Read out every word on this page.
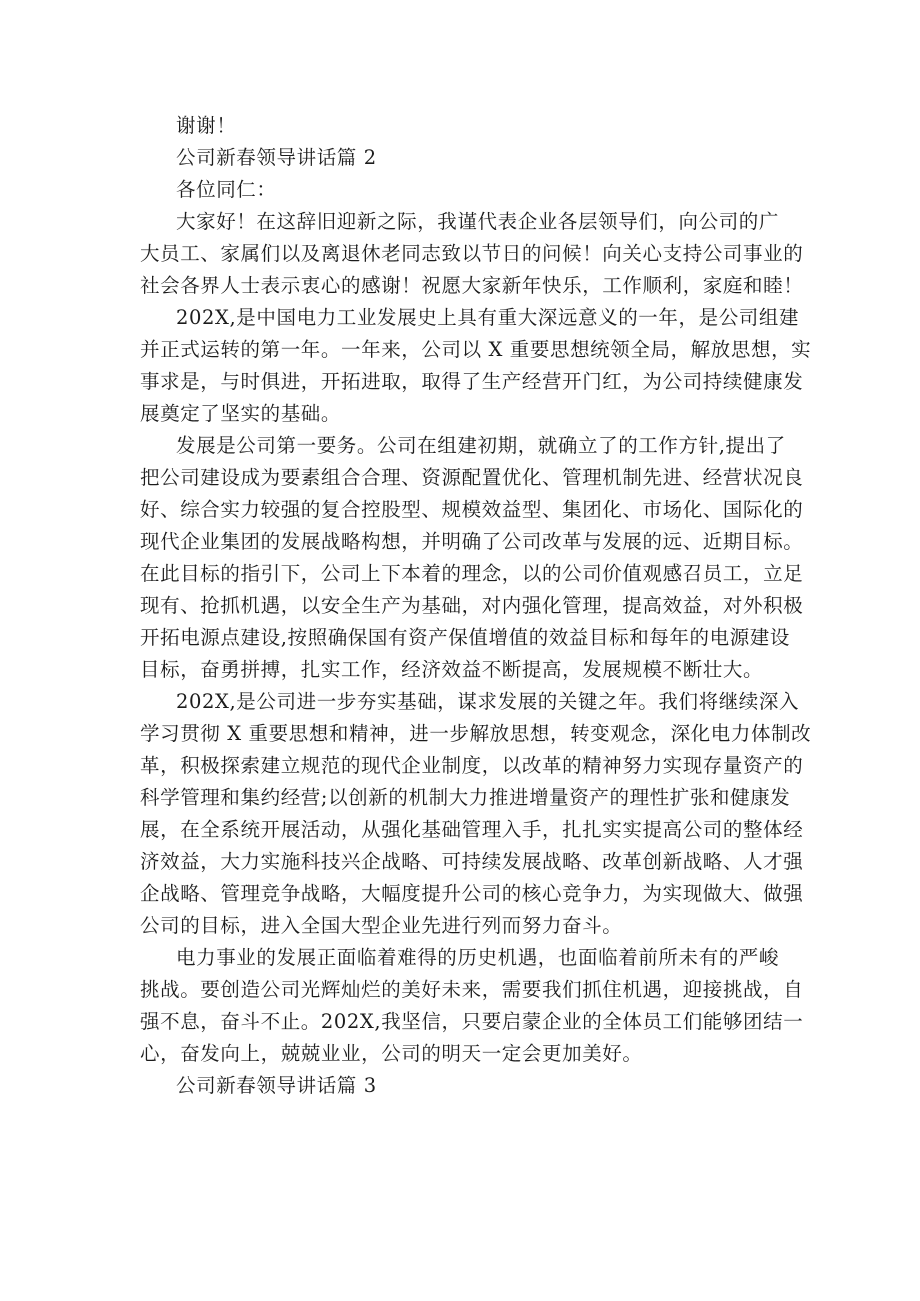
谢谢！
公司新春领导讲话篇 2
各位同仁：
大家好！在这辞旧迎新之际，我谨代表企业各层领导们，向公司的广
大员工、家属们以及离退休老同志致以节日的问候！向关心支持公司事业的
社会各界人士表示衷心的感谢！祝愿大家新年快乐，工作顺利，家庭和睦！
202X,是中国电力工业发展史上具有重大深远意义的一年，是公司组建
并正式运转的第一年。一年来，公司以 X 重要思想统领全局，解放思想，实
事求是，与时俱进，开拓进取，取得了生产经营开门红，为公司持续健康发
展奠定了坚实的基础。
发展是公司第一要务。公司在组建初期，就确立了的工作方针,提出了
把公司建设成为要素组合合理、资源配置优化、管理机制先进、经营状况良
好、综合实力较强的复合控股型、规模效益型、集团化、市场化、国际化的
现代企业集团的发展战略构想，并明确了公司改革与发展的远、近期目标。
在此目标的指引下，公司上下本着的理念，以的公司价值观感召员工，立足
现有、抢抓机遇，以安全生产为基础，对内强化管理，提高效益，对外积极
开拓电源点建设,按照确保国有资产保值增值的效益目标和每年的电源建设
目标，奋勇拼搏，扎实工作，经济效益不断提高，发展规模不断壮大。
202X,是公司进一步夯实基础，谋求发展的关键之年。我们将继续深入
学习贯彻 X 重要思想和精神，进一步解放思想，转变观念，深化电力体制改
革，积极探索建立规范的现代企业制度，以改革的精神努力实现存量资产的
科学管理和集约经营;以创新的机制大力推进增量资产的理性扩张和健康发
展，在全系统开展活动，从强化基础管理入手，扎扎实实提高公司的整体经
济效益，大力实施科技兴企战略、可持续发展战略、改革创新战略、人才强
企战略、管理竞争战略，大幅度提升公司的核心竞争力，为实现做大、做强
公司的目标，进入全国大型企业先进行列而努力奋斗。
电力事业的发展正面临着难得的历史机遇，也面临着前所未有的严峻
挑战。要创造公司光辉灿烂的美好未来，需要我们抓住机遇，迎接挑战，自
强不息，奋斗不止。202X,我坚信，只要启蒙企业的全体员工们能够团结一
心，奋发向上，兢兢业业，公司的明天一定会更加美好。
公司新春领导讲话篇 3
